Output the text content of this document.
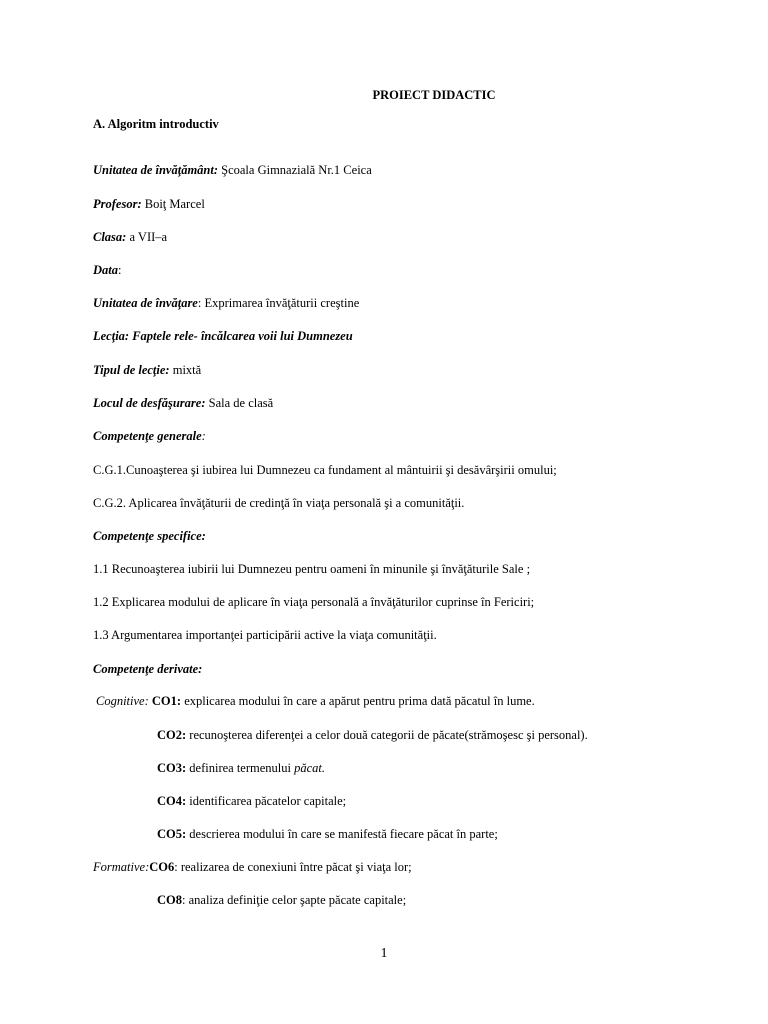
PROIECT DIDACTIC
A. Algoritm introductiv
Unitatea de învăţământ: Şcoala Gimnazială Nr.1 Ceica
Profesor: Boiţ Marcel
Clasa: a VII–a
Data:
Unitatea de învăţare: Exprimarea învăţăturii creştine
Lecţia: Faptele rele- încălcarea voii lui Dumnezeu
Tipul de lecţie: mixtă
Locul de desfăşurare: Sala de clasă
Competenţe generale:
C.G.1.Cunoaşterea şi iubirea lui Dumnezeu ca fundament al mântuirii şi desăvârşirii omului;
C.G.2. Aplicarea învăţăturii de credinţă în viaţa personală şi a comunităţii.
Competenţe specifice:
1.1 Recunoaşterea iubirii lui Dumnezeu pentru oameni în minunile şi învăţăturile Sale ;
1.2 Explicarea modului de aplicare în viaţa personală a învăţăturilor cuprinse în Fericiri;
1.3 Argumentarea importanţei participării active la viaţa comunităţii.
Competenţe derivate:
Cognitive: CO1: explicarea modului în care a apărut pentru prima dată păcatul în lume.
CO2: recunoşterea diferenţei a celor două categorii de păcate(strămoşesc şi personal).
CO3: definirea termenului păcat.
CO4: identificarea păcatelor capitale;
CO5: descrierea modului în care se manifestă fiecare păcat în parte;
Formative:CO6: realizarea de conexiuni între păcat şi viaţa lor;
CO8: analiza definiţie celor şapte păcate capitale;
1
